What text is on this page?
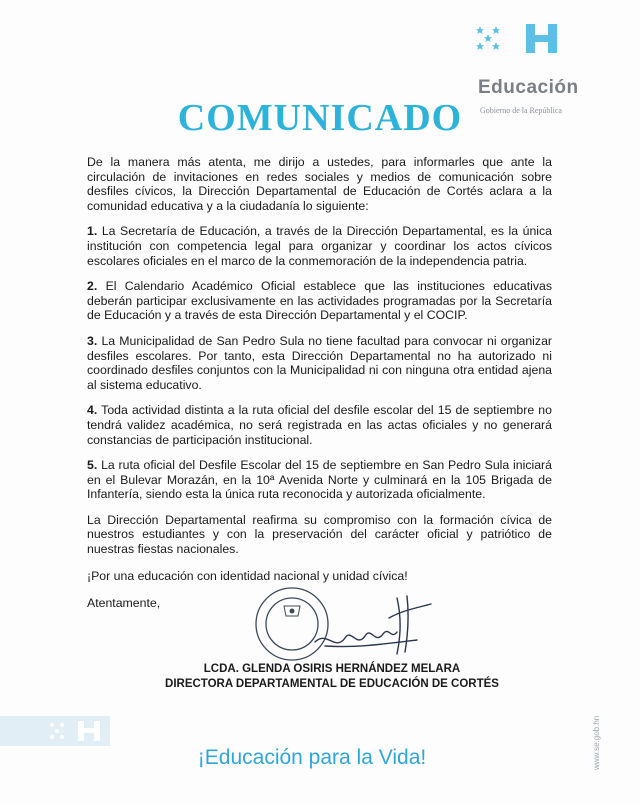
Educación
Gobierno de la República
COMUNICADO

De la manera más atenta, me dirijo a ustedes, para informarles que ante la circulación de invitaciones en redes sociales y medios de comunicación sobre desfiles cívicos, la Dirección Departamental de Educación de Cortés aclara a la comunidad educativa y a la ciudadanía lo siguiente:

1. La Secretaría de Educación, a través de la Dirección Departamental, es la única institución con competencia legal para organizar y coordinar los actos cívicos escolares oficiales en el marco de la conmemoración de la independencia patria.

2. El Calendario Académico Oficial establece que las instituciones educativas deberán participar exclusivamente en las actividades programadas por la Secretaría de Educación y a través de esta Dirección Departamental y el COCIP.

3. La Municipalidad de San Pedro Sula no tiene facultad para convocar ni organizar desfiles escolares. Por tanto, esta Dirección Departamental no ha autorizado ni coordinado desfiles conjuntos con la Municipalidad ni con ninguna otra entidad ajena al sistema educativo.

4. Toda actividad distinta a la ruta oficial del desfile escolar del 15 de septiembre no tendrá validez académica, no será registrada en las actas oficiales y no generará constancias de participación institucional.

5. La ruta oficial del Desfile Escolar del 15 de septiembre en San Pedro Sula iniciará en el Bulevar Morazán, en la 10ª Avenida Norte y culminará en la 105 Brigada de Infantería, siendo esta la única ruta reconocida y autorizada oficialmente.

La Dirección Departamental reafirma su compromiso con la formación cívica de nuestros estudiantes y con la preservación del carácter oficial y patriótico de nuestras fiestas nacionales.

¡Por una educación con identidad nacional y unidad cívica!

Atentamente,

LCDA. GLENDA OSIRIS HERNÁNDEZ MELARA
DIRECTORA DEPARTAMENTAL DE EDUCACIÓN DE CORTÉS
¡Educación para la Vida!	www.se.gob.hn
